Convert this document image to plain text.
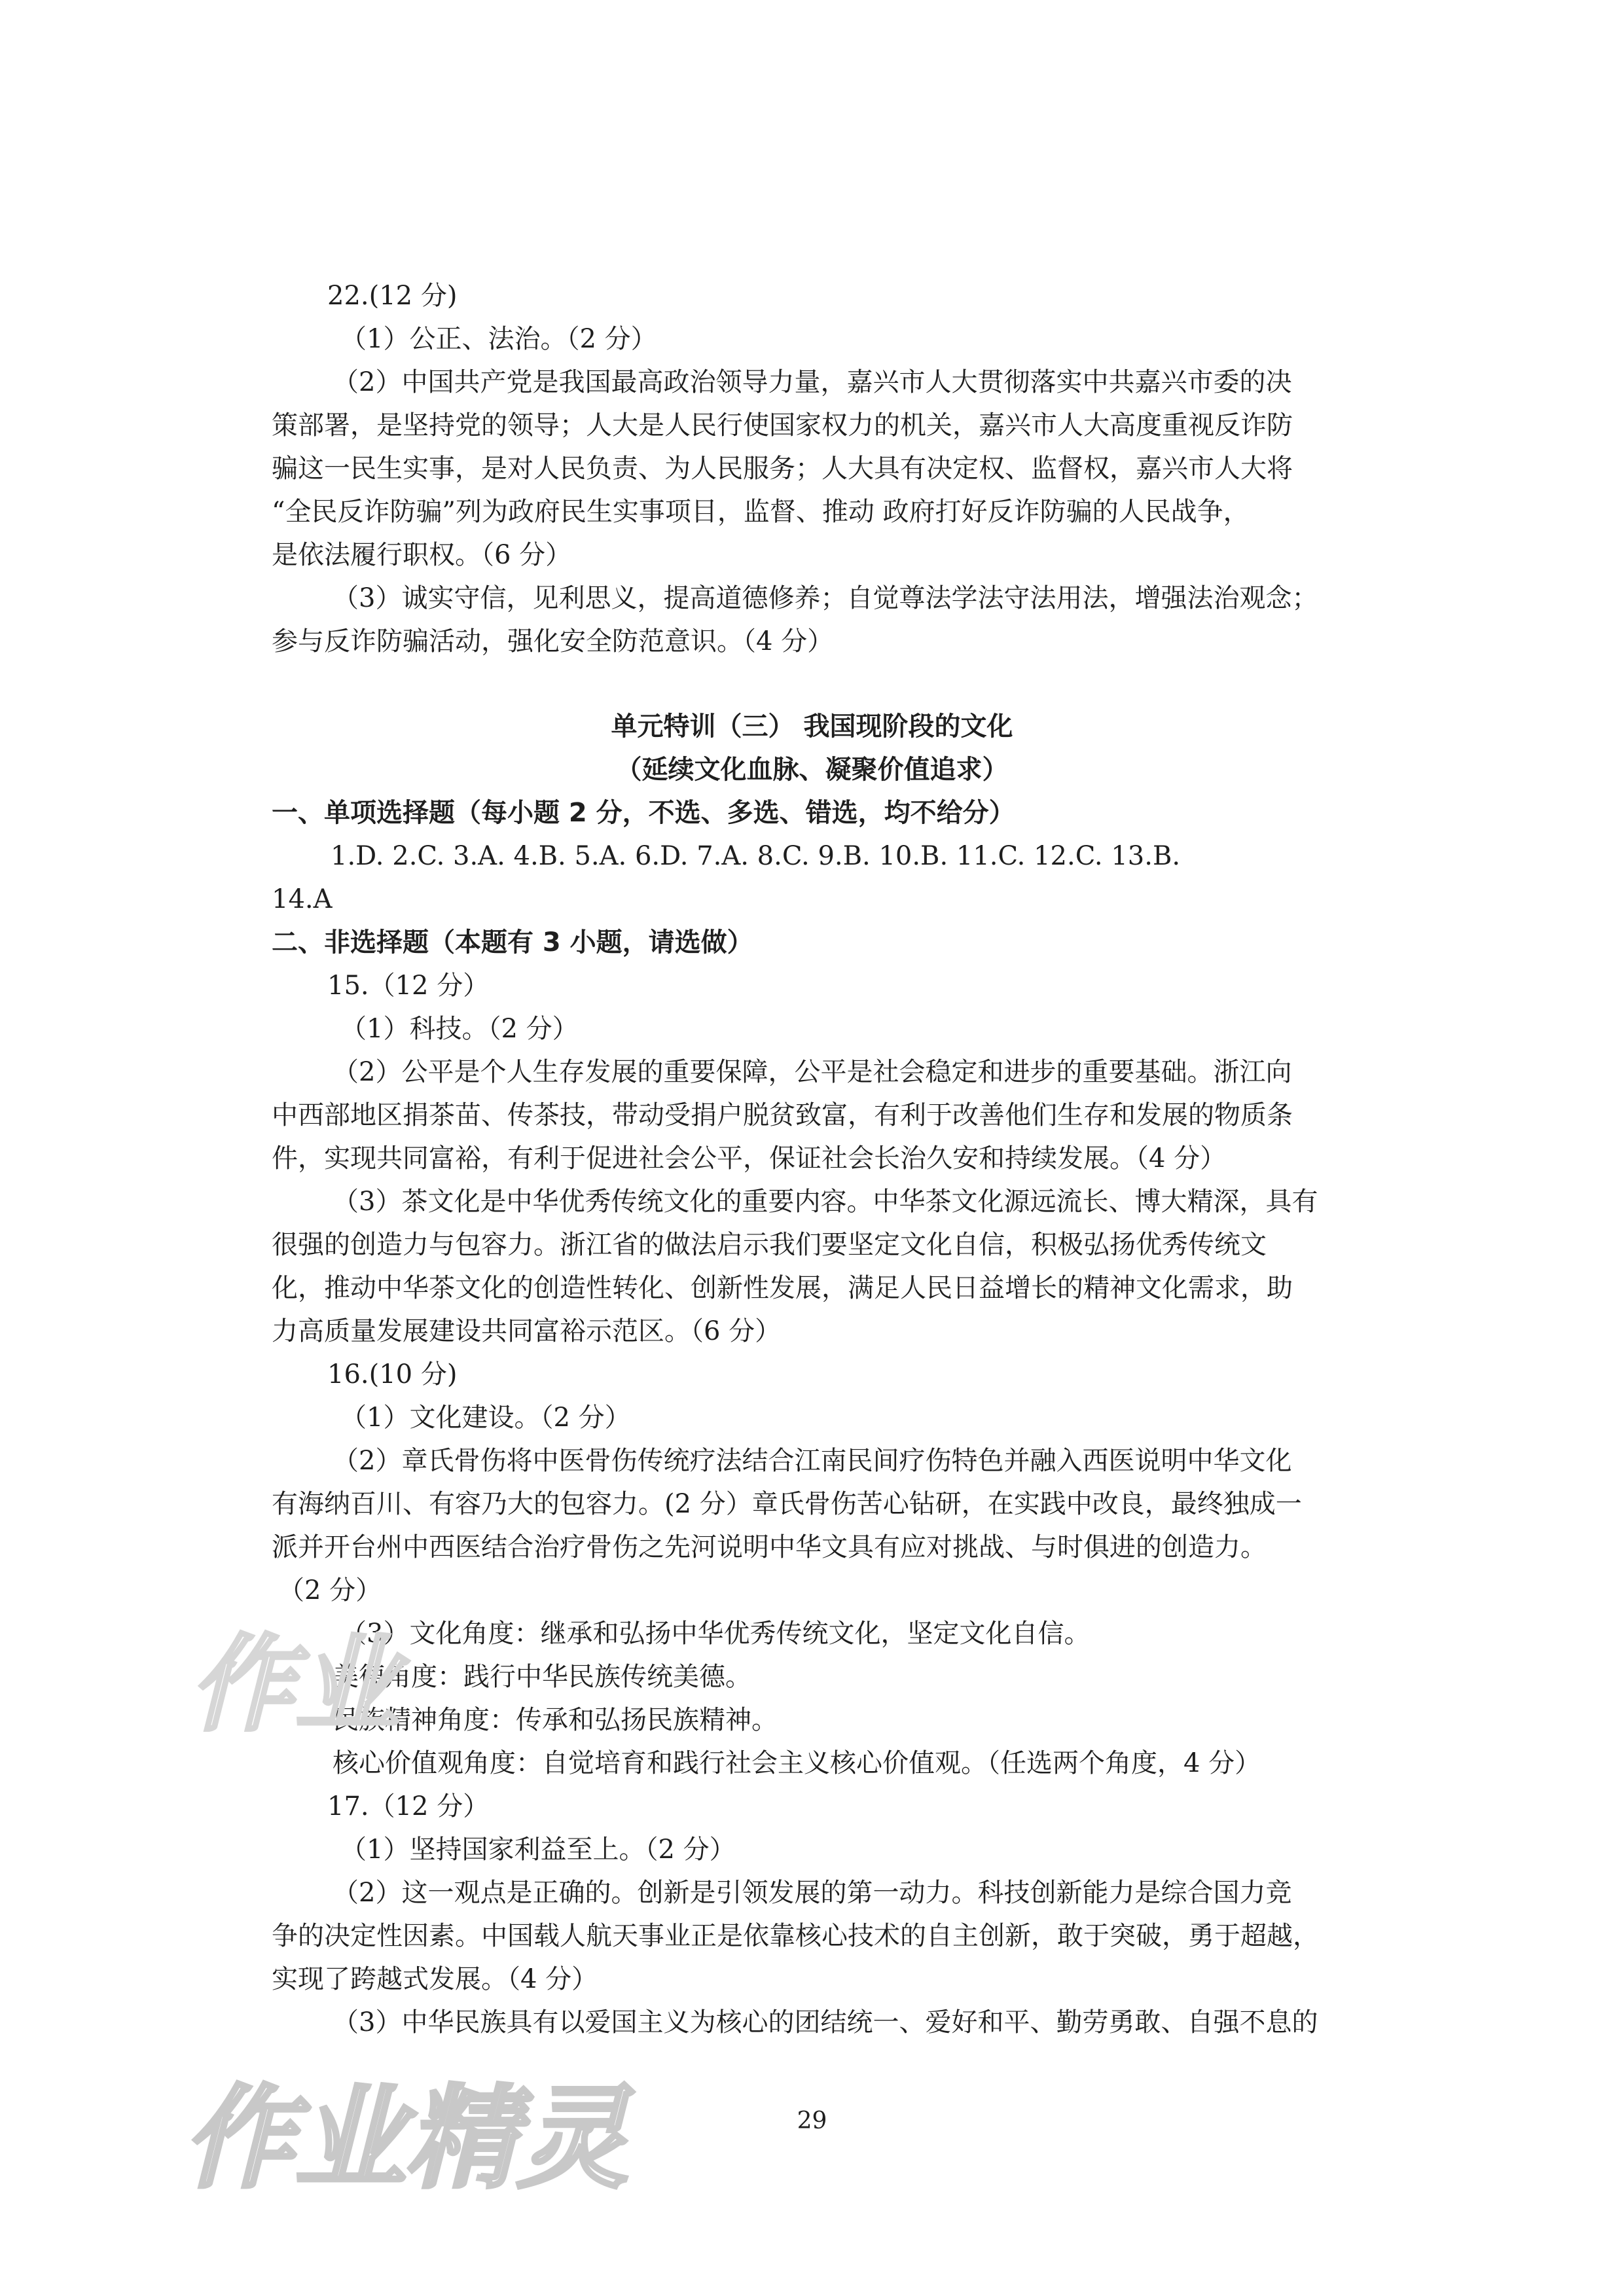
22.(12 分)
（1）公正、法治。（2 分）
（2）中国共产党是我国最高政治领导力量，嘉兴市人大贯彻落实中共嘉兴市委的决
策部署，是坚持党的领导；人大是人民行使国家权力的机关，嘉兴市人大高度重视反诈防
骗这一民生实事，是对人民负责、为人民服务；人大具有决定权、监督权，嘉兴市人大将
“全民反诈防骗”列为政府民生实事项目，监督、推动 政府打好反诈防骗的人民战争，
是依法履行职权。（6 分）
（3）诚实守信，见利思义，提高道德修养；自觉尊法学法守法用法，增强法治观念；
参与反诈防骗活动，强化安全防范意识。（4 分）
单元特训（三） 我国现阶段的文化
（延续文化血脉、凝聚价值追求）
一、单项选择题（每小题 2 分，不选、多选、错选，均不给分）
1.D. 2.C. 3.A. 4.B. 5.A. 6.D. 7.A. 8.C. 9.B. 10.B. 11.C. 12.C. 13.B.
14.A
二、非选择题（本题有 3 小题，请选做）
15.（12 分）
（1）科技。（2 分）
（2）公平是个人生存发展的重要保障，公平是社会稳定和进步的重要基础。浙江向
中西部地区捐茶苗、传茶技，带动受捐户脱贫致富，有利于改善他们生存和发展的物质条
件，实现共同富裕，有利于促进社会公平，保证社会长治久安和持续发展。（4 分）
（3）茶文化是中华优秀传统文化的重要内容。中华茶文化源远流长、博大精深，具有
很强的创造力与包容力。浙江省的做法启示我们要坚定文化自信，积极弘扬优秀传统文
化，推动中华茶文化的创造性转化、创新性发展，满足人民日益增长的精神文化需求，助
力高质量发展建设共同富裕示范区。（6 分）
16.(10 分)
（1）文化建设。（2 分）
（2）章氏骨伤将中医骨伤传统疗法结合江南民间疗伤特色并融入西医说明中华文化
有海纳百川、有容乃大的包容力。(2 分）章氏骨伤苦心钻研，在实践中改良，最终独成一
派并开台州中西医结合治疗骨伤之先河说明中华文具有应对挑战、与时俱进的创造力。
（2 分）
（3）文化角度：继承和弘扬中华优秀传统文化，坚定文化自信。
美德角度：践行中华民族传统美德。
民族精神角度：传承和弘扬民族精神。
核心价值观角度：自觉培育和践行社会主义核心价值观。（任选两个角度，4 分）
17.（12 分）
（1）坚持国家利益至上。（2 分）
（2）这一观点是正确的。创新是引领发展的第一动力。科技创新能力是综合国力竞
争的决定性因素。中国载人航天事业正是依靠核心技术的自主创新，敢于突破，勇于超越，
实现了跨越式发展。（4 分）
（3）中华民族具有以爱国主义为核心的团结统一、爱好和平、勤劳勇敢、自强不息的
作业
作业精灵	29
